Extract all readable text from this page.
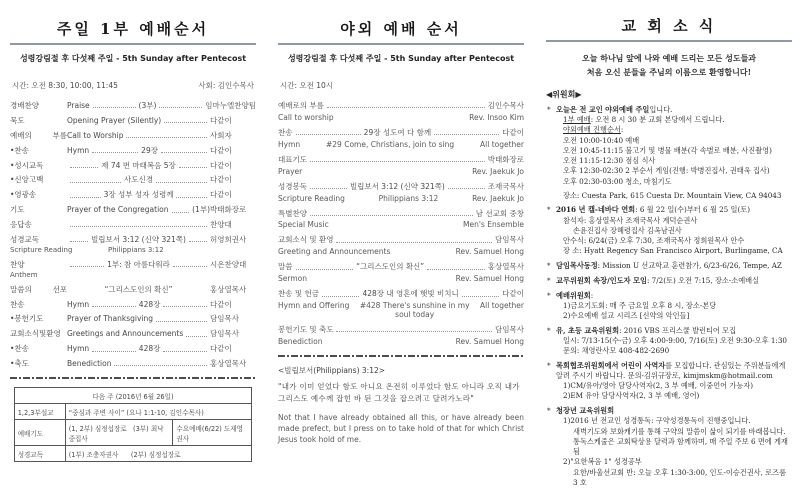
주일 1부 예배순서
성령강림절 후 다섯째 주일 - 5th Sunday after Pentecost
시간: 오전 8:30, 10:00, 11:45	사회: 김인수목사
경배찬양	Praise	(3부)	임마누엘찬양팀
묵도	Opening Prayer (Silently)	다같이
예배의 부름 Call to Worship	사회자
•찬송	Hymn	29장	다같이
•성시교독	제 74 번 마태복음 5장	다같이
•신앙고백	사도신경	다같이
•영광송	3장 성부 성자 성령께	다같이
기도	Prayer of the Congregation	(1부) 박태화장로
응답송	찬양대
성경교독	빌립보서 3:12 (신약 321쪽)	허영희권사
Scripture Reading	Philippians 3:12
찬양	1부: 참 아름다워라	시온찬양대
Anthem
말씀의 선포	“그리스도인의 확신”	홍상열목사
찬송	Hymn	428장	다같이
•봉헌기도	Prayer of Thanksgiving	담임목사
교회소식및환영 Greetings and Announcements	담임목사
•찬송	Hymn	428장	다같이
•축도	Benediction	홍상열목사
다음 주 (2016년 6월 26일)		
1,2,3부설교	“중심과 주변 사이” (요나 1:1-10, 김인수목사)	
예배기도	(1, 2부) 심정섭장로   (3부) 최낙중집사	수요예배(6/22) 도재영권사
성경교독	(1부) 조충자권사      (2부) 심정섭장로	
야외 예배 순서
성령강림절 후 다섯째 주일 - 5th Sunday after Pentecost
시간: 오전 10시
예배로의 부름	김인수목사
Call to worship	Rev. Insoo Kim
찬송	29장 성도여 다 함께	다같이
Hymn	#29 Come, Christians, join to sing	All together
대표기도	박태화장로
Prayer	Rev. Jaekuk Jo
성경봉독	빌립보서 3:12 (신약 321쪽)	조재국목사
Scripture Reading	Philippians 3:12	Rev. Jaekuk Jo
특별찬양	남 선교회 중창
Special Music	Men's Ensemble
교회소식 및 환영	담임목사
Greeting and Announcements	Rev. Samuel Hong
말씀	“그리스도인의 확신”	홍상열목사
Sermon	Rev. Samuel Hong
찬송 및 헌금	428장 내 영혼에 햇빛 비치니	다같이
Hymn and Offering	#428 There's sunshine in my soul today
All together
봉헌기도 및 축도	담임목사
Benediction	Rev. Samuel Hong
<빌립보서(Philippians) 3:12>
"내가 이미 얻었다 함도 아니요 온전히 이루었다 함도 아니라 오직 내가 그리스도 예수께 잡힌 바 된 그것을 잡으려고 달려가노라"
Not that I have already obtained all this, or have already been made prefect, but I press on to take hold of that for which Christ Jesus took hold of me.
교 회 소 식
오늘 하나님 앞에 나와 예배 드리는 모든 성도들과
처음 오신 분들을 주님의 이름으로 환영합니다!
◀위원회▶
* 오늘은 전 교인 야외예배 주일입니다.
1부 예배: 오전 8 시 30 분 교회 본당에서 드립니다.
야외예배 진행순서:
오전 10:00-10:40 예배
오전 10:45-11:15 불고기 및 병물 배분(각 속별로 배분, 사진촬영)
오전 11:15-12:30 점심 식사
오후 12:30-02:30 2 부순서 게임(진행: 박병진집사, 권태욱 집사)
오후 02:30-03:00 청소, 마침기도
장소: Cuesta Park, 615 Cuesta Dr. Mountain View, CA 94043
* 2016 년 캘-네바다 연회: 6 월 22 일(수)부터 6 월 25 일(토)
참석자: 홍상열목사 조재국목사 계덕순권사
손윤진집사 장혜령집사 김옥남권사
안수식: 6/24(금) 오후 7:30, 조재국목사 정희원목사 안수
장 소: Hyatt Regency San Francisco Airport, Burlingame, CA
* 담임목사동정: Mission U 선교학교 훈련참가, 6/23-6/26, Tempe, AZ
* 교무위원회 속장/인도자 모임: 7/2(토) 오전 7:15, 장소-소예배실
* 예배위원회:
1)금요기도회: 매 주 금요일 오후 8 시, 장소-본당
2)수요예배 설교 시리즈 [신약의 악인들]
* 유, 초등 교육위원회: 2016 VBS 프리스쿨 발런티어 모집
일시: 7/13-15(수-금) 오후 4:00-9:00, 7/16(토) 오전 9:30-오후 1:30
문의: 채영란사모 408-482-2690
* 목회협조위원회에서 어린이 사역자를 모집합니다. 관심있는 주위분들에게 알려 주시기 바랍니다. 문의-김위규장로, kimjmskm@hotmail.com
1)CM/유아/영아 담당사역자(2, 3 부 예배, 이중언어 가능자)
2)EM 유아 담당사역자(2, 3 부 예배, 영어)
* 청장년 교육위원회
1)2016 년 전교인 성경통독: 구약성경통독이 진행중입니다.
새벽기도와 보화캐기를 통해 구약의 말씀이 삶이 되기를 바래봅니다.
통독스케줄은 교회탁상용 달력과 함께하며, 매 주일 주보 6 면에 게재됨
2)"요한복음 1" 성경공부
요한/바울선교회 반: 오늘 오후 1:30-3:00, 인도-이승건권사, 로즈룸 3 호
